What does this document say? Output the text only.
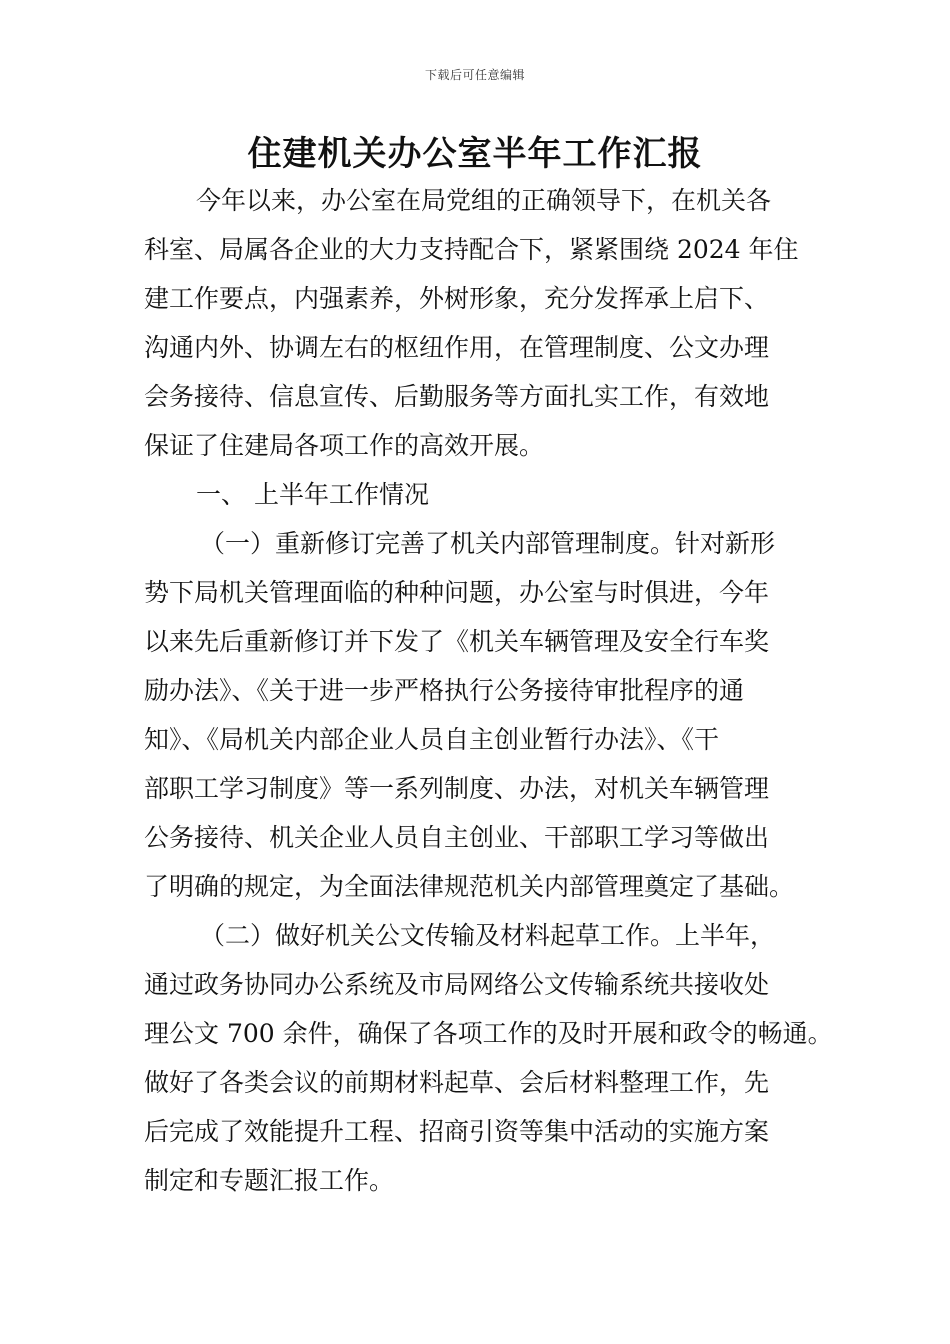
下载后可任意编辑
住建机关办公室半年工作汇报
今年以来，办公室在局党组的正确领导下，在机关各
科室、局属各企业的大力支持配合下，紧紧围绕 2024 年住
建工作要点，内强素养，外树形象，充分发挥承上启下、
沟通内外、协调左右的枢纽作用，在管理制度、公文办理
会务接待、信息宣传、后勤服务等方面扎实工作，有效地
保证了住建局各项工作的高效开展。
一、 上半年工作情况
（一）重新修订完善了机关内部管理制度。针对新形
势下局机关管理面临的种种问题，办公室与时俱进，今年
以来先后重新修订并下发了《机关车辆管理及安全行车奖
励办法》、《关于进一步严格执行公务接待审批程序的通
知》、《局机关内部企业人员自主创业暂行办法》、《干
部职工学习制度》等一系列制度、办法，对机关车辆管理
公务接待、机关企业人员自主创业、干部职工学习等做出
了明确的规定，为全面法律规范机关内部管理奠定了基础。
（二）做好机关公文传输及材料起草工作。上半年，
通过政务协同办公系统及市局网络公文传输系统共接收处
理公文 700 余件，确保了各项工作的及时开展和政令的畅通。
做好了各类会议的前期材料起草、会后材料整理工作，先
后完成了效能提升工程、招商引资等集中活动的实施方案
制定和专题汇报工作。
